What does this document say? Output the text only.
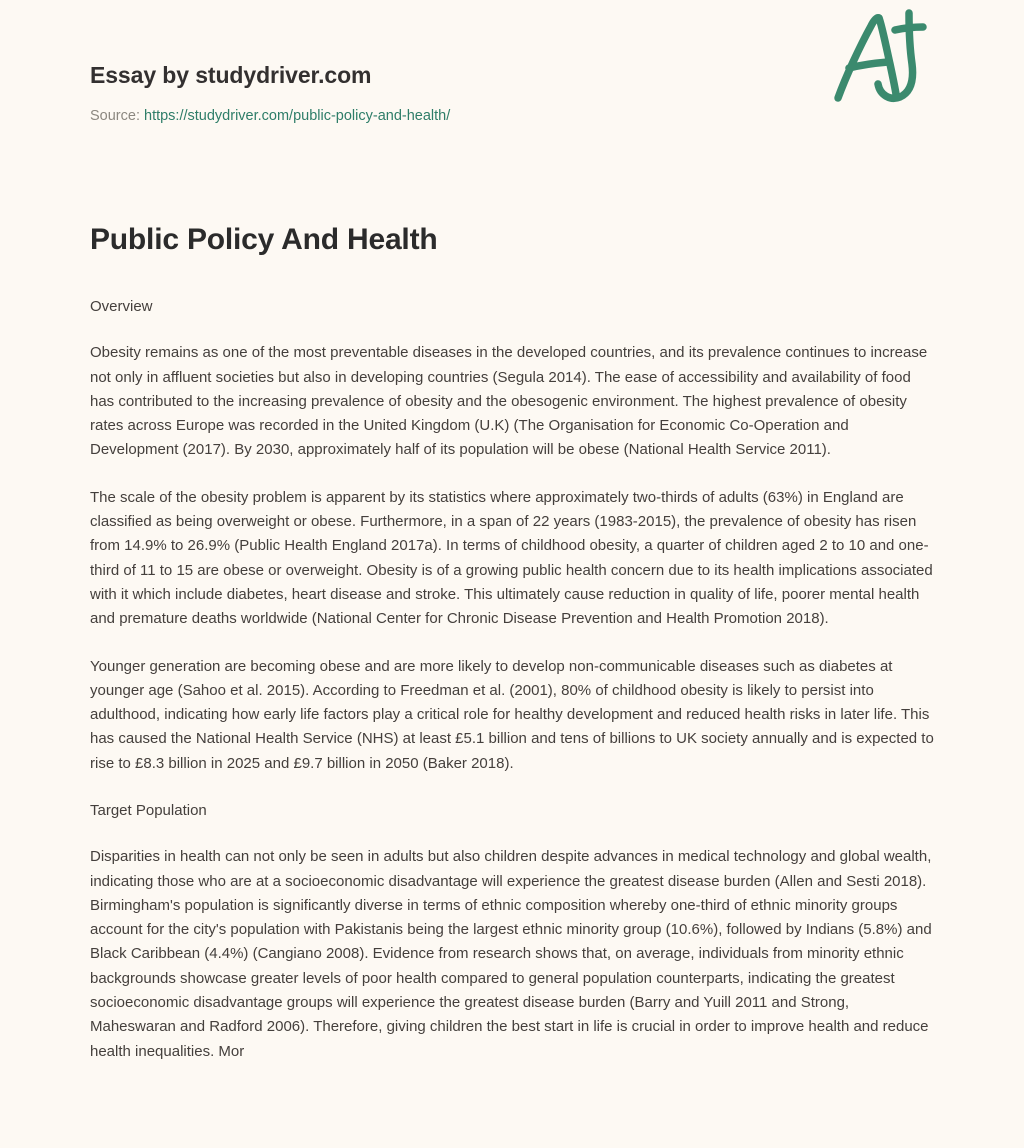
Essay by studydriver.com
Source: https://studydriver.com/public-policy-and-health/
Public Policy And Health

Overview

Obesity remains as one of the most preventable diseases in the developed countries, and its prevalence continues to increase not only in affluent societies but also in developing countries (Segula 2014). The ease of accessibility and availability of food has contributed to the increasing prevalence of obesity and the obesogenic environment. The highest prevalence of obesity rates across Europe was recorded in the United Kingdom (U.K) (The Organisation for Economic Co-Operation and Development (2017). By 2030, approximately half of its population will be obese (National Health Service 2011).

The scale of the obesity problem is apparent by its statistics where approximately two-thirds of adults (63%) in England are classified as being overweight or obese. Furthermore, in a span of 22 years (1983-2015), the prevalence of obesity has risen from 14.9% to 26.9% (Public Health England 2017a). In terms of childhood obesity, a quarter of children aged 2 to 10 and one-third of 11 to 15 are obese or overweight. Obesity is of a growing public health concern due to its health implications associated with it which include diabetes, heart disease and stroke. This ultimately cause reduction in quality of life, poorer mental health and premature deaths worldwide (National Center for Chronic Disease Prevention and Health Promotion 2018).

Younger generation are becoming obese and are more likely to develop non-communicable diseases such as diabetes at younger age (Sahoo et al. 2015). According to Freedman et al. (2001), 80% of childhood obesity is likely to persist into adulthood, indicating how early life factors play a critical role for healthy development and reduced health risks in later life. This has caused the National Health Service (NHS) at least £5.1 billion and tens of billions to UK society annually and is expected to rise to £8.3 billion in 2025 and £9.7 billion in 2050 (Baker 2018).

Target Population

Disparities in health can not only be seen in adults but also children despite advances in medical technology and global wealth, indicating those who are at a socioeconomic disadvantage will experience the greatest disease burden (Allen and Sesti 2018). Birmingham's population is significantly diverse in terms of ethnic composition whereby one-third of ethnic minority groups account for the city's population with Pakistanis being the largest ethnic minority group (10.6%), followed by Indians (5.8%) and Black Caribbean (4.4%) (Cangiano 2008). Evidence from research shows that, on average, individuals from minority ethnic backgrounds showcase greater levels of poor health compared to general population counterparts, indicating the greatest socioeconomic disadvantage groups will experience the greatest disease burden (Barry and Yuill 2011 and Strong, Maheswaran and Radford 2006). Therefore, giving children the best start in life is crucial in order to improve health and reduce health inequalities. Mor
